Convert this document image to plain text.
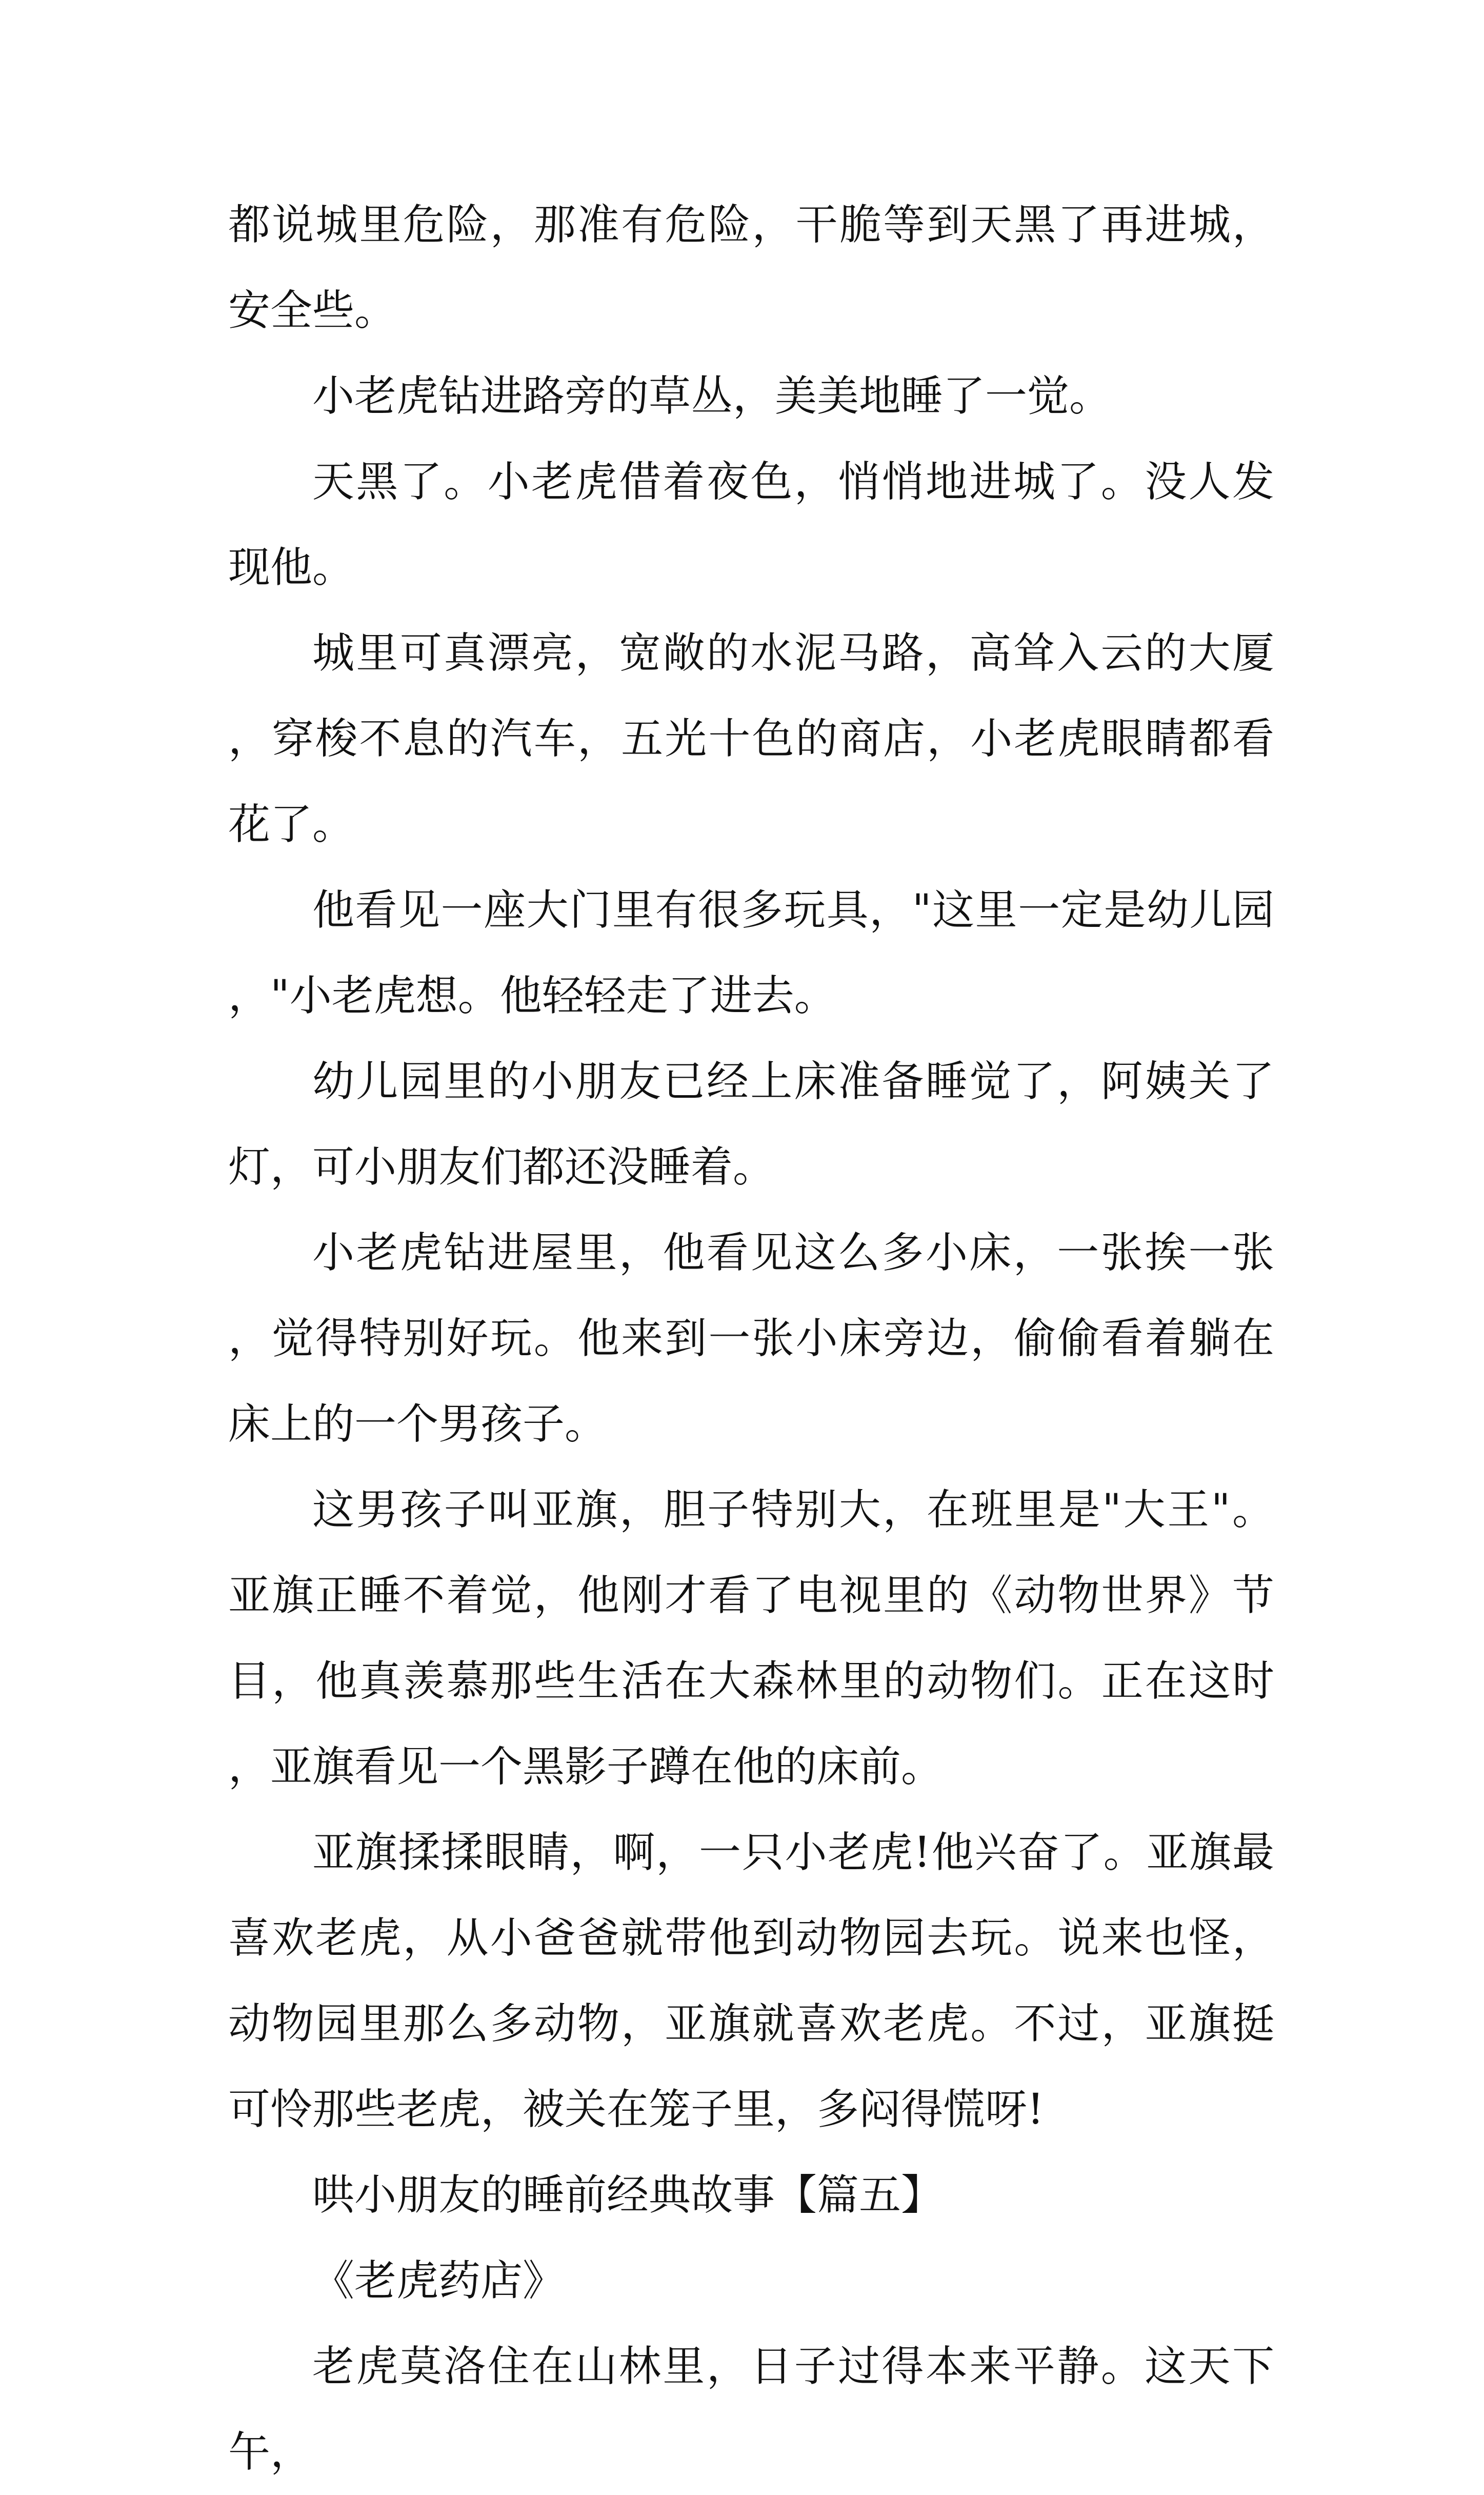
都说城里危险，那准有危险，干脆等到天黑了再进城，安全些。

小老虎钻进路旁的草丛，美美地睡了一觉。

天黑了。小老虎借着夜色，悄悄地进城了。没人发现他。

城里可真漂亮，宽敞的水泥马路，高耸入云的大厦，穿梭不息的汽车，五光十色的商店，小老虎眼睛都看花了。

他看见一座大门里有很多玩具，"这里一定是幼儿园，"小老虎想。他轻轻走了进去。

幼儿园里的小朋友已经上床准备睡觉了，阿姨关了灯，可小朋友们都还没睡着。

小老虎钻进屋里，他看见这么多小床，一张挨一张，觉得特别好玩。他来到一张小床旁边，偷偷看着躺在床上的一个男孩子。

这男孩子叫亚旗，胆子特别大，在班里是"大王"。亚旗正睡不着觉，他刚才看了电视里的《动物世界》节目，他真羡慕那些生活在大森林里的动物们。正在这时，亚旗看见一个黑影子蹲在他的床前。

亚旗揉揉眼睛，啊，一只小老虎!他兴奋了。亚旗最喜欢老虎，从小爸爸就带他到动物园去玩。说来也怪，动物园里那么多动物，亚旗就喜欢老虎。不过，亚旗挺可怜那些老虎，被关在笼子里，多闷得慌呀!

哄小朋友的睡前经典故事【篇五】

《老虎药店》

老虎莫洛住在山林里，日子过得本来平静。这天下午，
